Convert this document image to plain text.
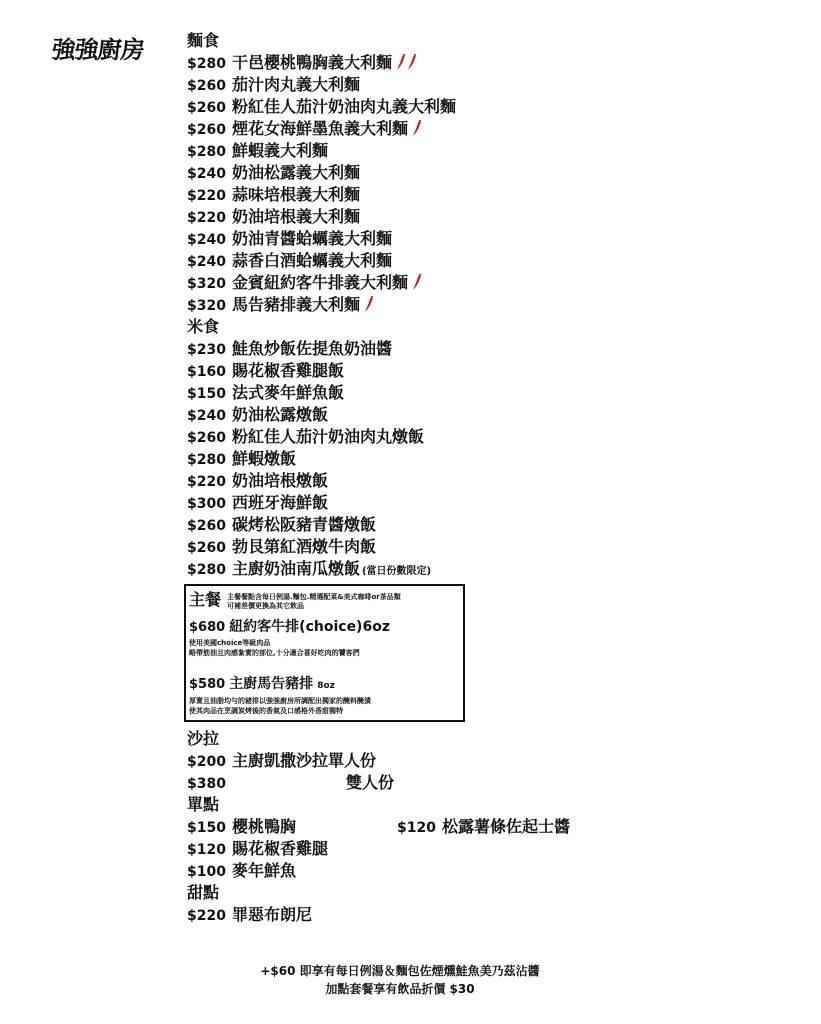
強強廚房	麵食
$280 干邑櫻桃鴨胸義大利麵
$260 茄汁肉丸義大利麵
$260 粉紅佳人茄汁奶油肉丸義大利麵
$260 煙花女海鮮墨魚義大利麵
$280 鮮蝦義大利麵
$240 奶油松露義大利麵
$220 蒜味培根義大利麵
$220 奶油培根義大利麵
$240 奶油青醬蛤蠣義大利麵
$240 蒜香白酒蛤蠣義大利麵
$320 金賓紐約客牛排義大利麵
$320 馬告豬排義大利麵
米食
$230 鮭魚炒飯佐提魚奶油醬
$160 賜花椒香雞腿飯
$150 法式麥年鮮魚飯
$240 奶油松露燉飯
$260 粉紅佳人茄汁奶油肉丸燉飯
$280 鮮蝦燉飯
$220 奶油培根燉飯
$300 西班牙海鮮飯
$260 碳烤松阪豬青醬燉飯
$260 勃艮第紅酒燉牛肉飯
$280 主廚奶油南瓜燉飯 (當日份數限定)
主餐 主餐餐點含每日例湯.麵包.精選配菜&美式咖啡or茶品類
可補差價更換為其它飲品
$680 紐約客牛排(choice)6oz
使用美國choice等級肉品
略帶筋油且肉感紮實的部位,十分適合喜好吃肉的饕客們
$580 主廚馬告豬排 8oz
厚實且油脂均勻的豬排以強強廚房所調配出獨家的醃料醃漬
使其肉品在烹調炭烤後的香氣及口感格外香甜獨特
沙拉
$200 主廚凱撒沙拉單人份
$380	雙人份
單點
$150 櫻桃鴨胸
$120 賜花椒香雞腿
$100 麥年鮮魚
$120 松露薯條佐起士醬
甜點
$220 罪惡布朗尼
+$60 即享有每日例湯＆麵包佐煙燻鮭魚美乃茲沾醬
加點套餐享有飲品折價 $30
